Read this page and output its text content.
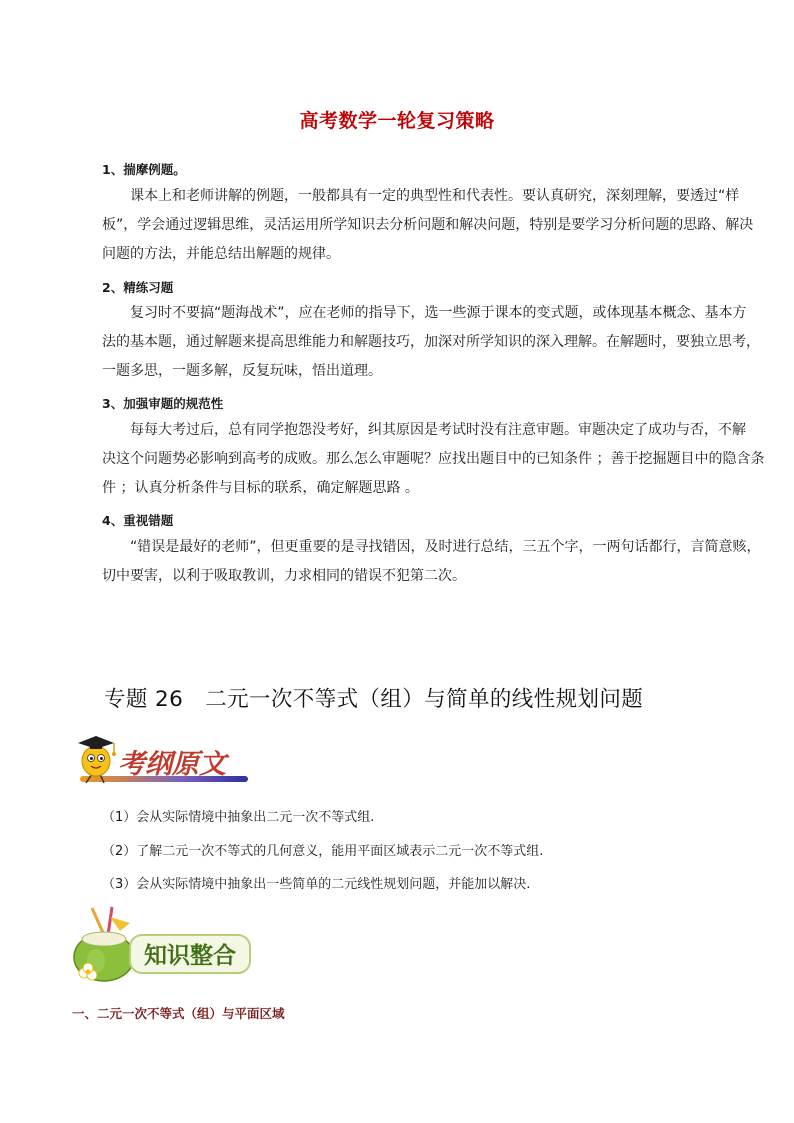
高考数学一轮复习策略
1、揣摩例题。
课本上和老师讲解的例题，一般都具有一定的典型性和代表性。要认真研究，深刻理解，要透过“样
板”，学会通过逻辑思维，灵活运用所学知识去分析问题和解决问题，特别是要学习分析问题的思路、解决
问题的方法，并能总结出解题的规律。
2、精练习题
复习时不要搞“题海战术”，应在老师的指导下，选一些源于课本的变式题，或体现基本概念、基本方
法的基本题，通过解题来提高思维能力和解题技巧，加深对所学知识的深入理解。在解题时，要独立思考，
一题多思，一题多解，反复玩味，悟出道理。
3、加强审题的规范性
每每大考过后，总有同学抱怨没考好，纠其原因是考试时没有注意审题。审题决定了成功与否，不解
决这个问题势必影响到高考的成败。那么怎么审题呢？应找出题目中的已知条件 ；善于挖掘题目中的隐含条
件 ；认真分析条件与目标的联系，确定解题思路 。
4、重视错题
“错误是最好的老师”，但更重要的是寻找错因，及时进行总结，三五个字，一两句话都行，言简意赅，
切中要害，以利于吸取教训，力求相同的错误不犯第二次。
专题 26 二元一次不等式（组）与简单的线性规划问题
考纲原文
（1）会从实际情境中抽象出二元一次不等式组.
（2）了解二元一次不等式的几何意义，能用平面区域表示二元一次不等式组.
（3）会从实际情境中抽象出一些简单的二元线性规划问题，并能加以解决.
知识整合
一、二元一次不等式（组）与平面区域
